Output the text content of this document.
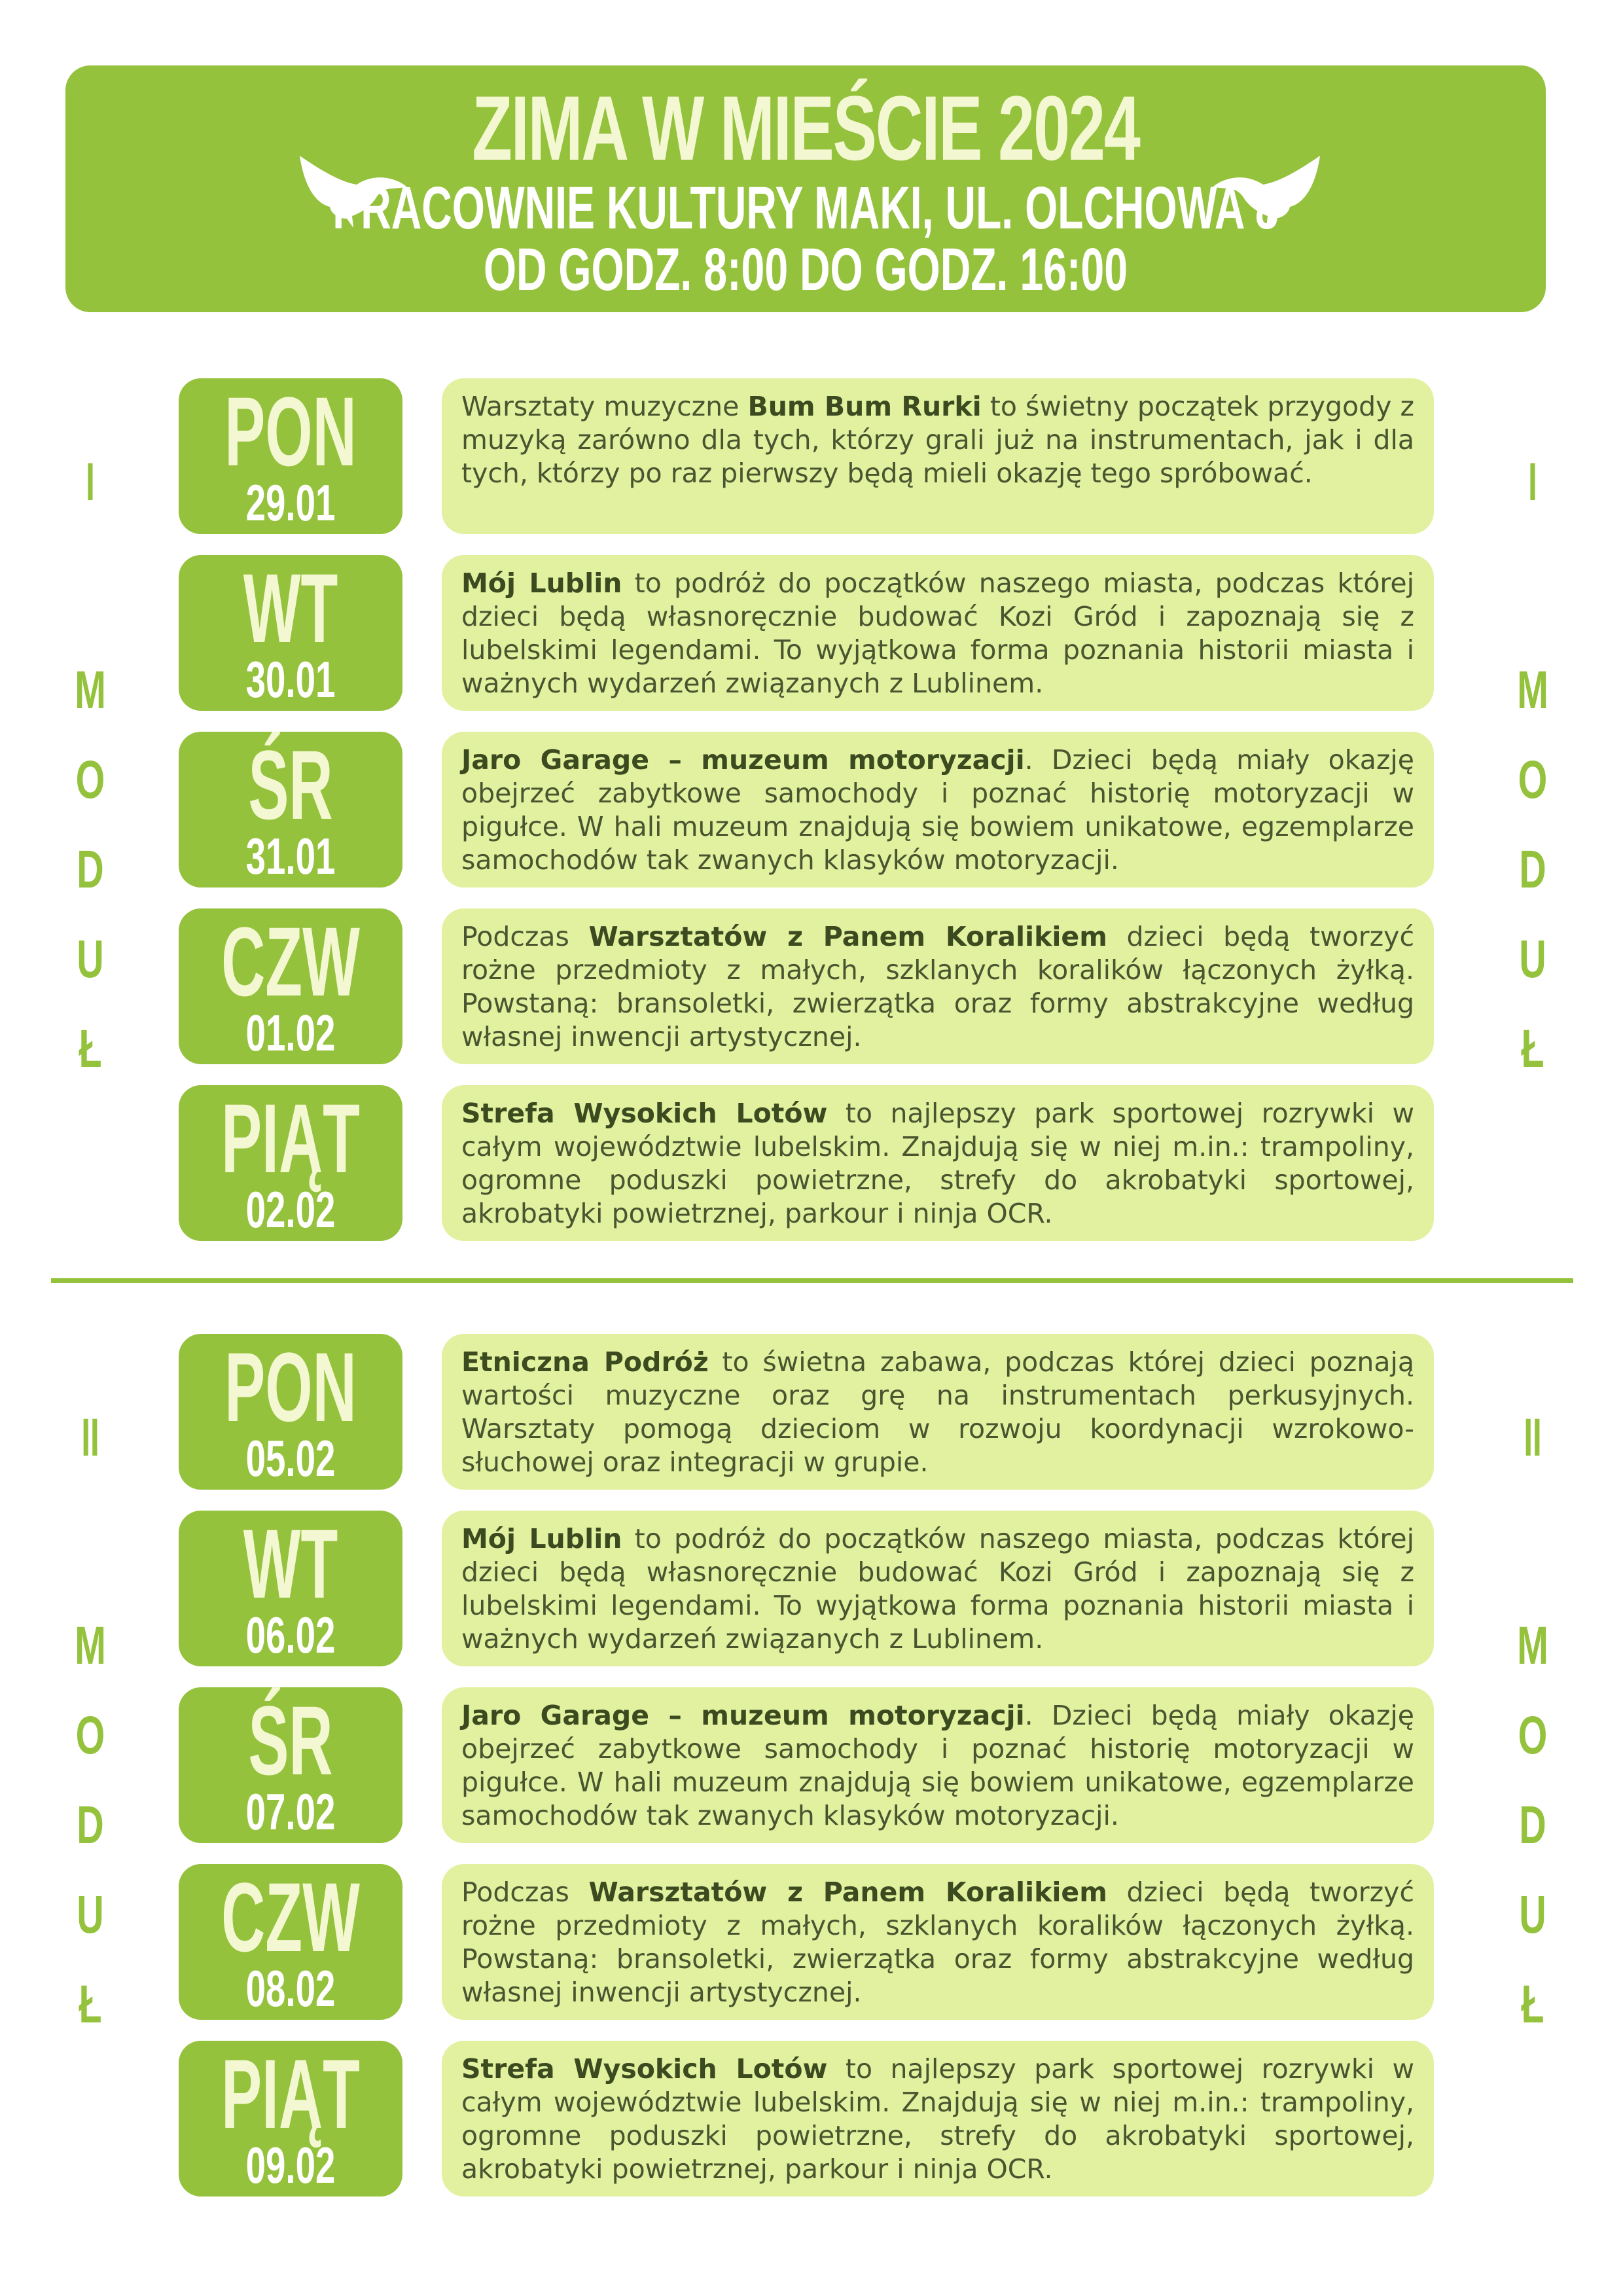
ZIMA W MIEŚCIE 2024
PRACOWNIE KULTURY MAKI, UL. OLCHOWA 8
OD GODZ. 8:00 DO GODZ. 16:00
I
M
O
D
U
Ł
I
M
O
D
U
Ł
PON
29.01
Warsztaty muzyczne Bum Bum Rurki to świetny początek przygody z muzyką zarówno dla tych, którzy grali już na instrumentach, jak i dla tych, którzy po raz pierwszy będą mieli okazję tego spróbować.
WT
30.01
Mój Lublin to podróż do początków naszego miasta, podczas której dzieci będą własnoręcznie budować Kozi Gród i zapoznają się z lubelskimi legendami. To wyjątkowa forma poznania historii miasta i ważnych wydarzeń związanych z Lublinem.
ŚR
31.01
Jaro Garage – muzeum motoryzacji. Dzieci będą miały okazję obejrzeć zabytkowe samochody i poznać historię motoryzacji w pigułce. W hali muzeum znajdują się bowiem unikatowe, egzemplarze samochodów tak zwanych klasyków motoryzacji.
CZW
01.02
Podczas Warsztatów z Panem Koralikiem dzieci będą tworzyć rożne przedmioty z małych, szklanych koralików łączonych żyłką. Powstaną: bransoletki, zwierzątka oraz formy abstrakcyjne według własnej inwencji artystycznej.
PIĄT
02.02
Strefa Wysokich Lotów to najlepszy park sportowej rozrywki w całym województwie lubelskim. Znajdują się w niej m.in.: trampoliny, ogromne poduszki powietrzne, strefy do akrobatyki sportowej, akrobatyki powietrznej, parkour i ninja OCR.
II
M
O
D
U
Ł
II
M
O
D
U
Ł
PON
05.02
Etniczna Podróż to świetna zabawa, podczas której dzieci poznają wartości muzyczne oraz grę na instrumentach perkusyjnych. Warsztaty pomogą dzieciom w rozwoju koordynacji wzrokowo-słuchowej oraz integracji w grupie.
WT
06.02
Mój Lublin to podróż do początków naszego miasta, podczas której dzieci będą własnoręcznie budować Kozi Gród i zapoznają się z lubelskimi legendami. To wyjątkowa forma poznania historii miasta i ważnych wydarzeń związanych z Lublinem.
ŚR
07.02
Jaro Garage – muzeum motoryzacji. Dzieci będą miały okazję obejrzeć zabytkowe samochody i poznać historię motoryzacji w pigułce. W hali muzeum znajdują się bowiem unikatowe, egzemplarze samochodów tak zwanych klasyków motoryzacji.
CZW
08.02
Podczas Warsztatów z Panem Koralikiem dzieci będą tworzyć rożne przedmioty z małych, szklanych koralików łączonych żyłką. Powstaną: bransoletki, zwierzątka oraz formy abstrakcyjne według własnej inwencji artystycznej.
PIĄT
09.02
Strefa Wysokich Lotów to najlepszy park sportowej rozrywki w całym województwie lubelskim. Znajdują się w niej m.in.: trampoliny, ogromne poduszki powietrzne, strefy do akrobatyki sportowej, akrobatyki powietrznej, parkour i ninja OCR.
